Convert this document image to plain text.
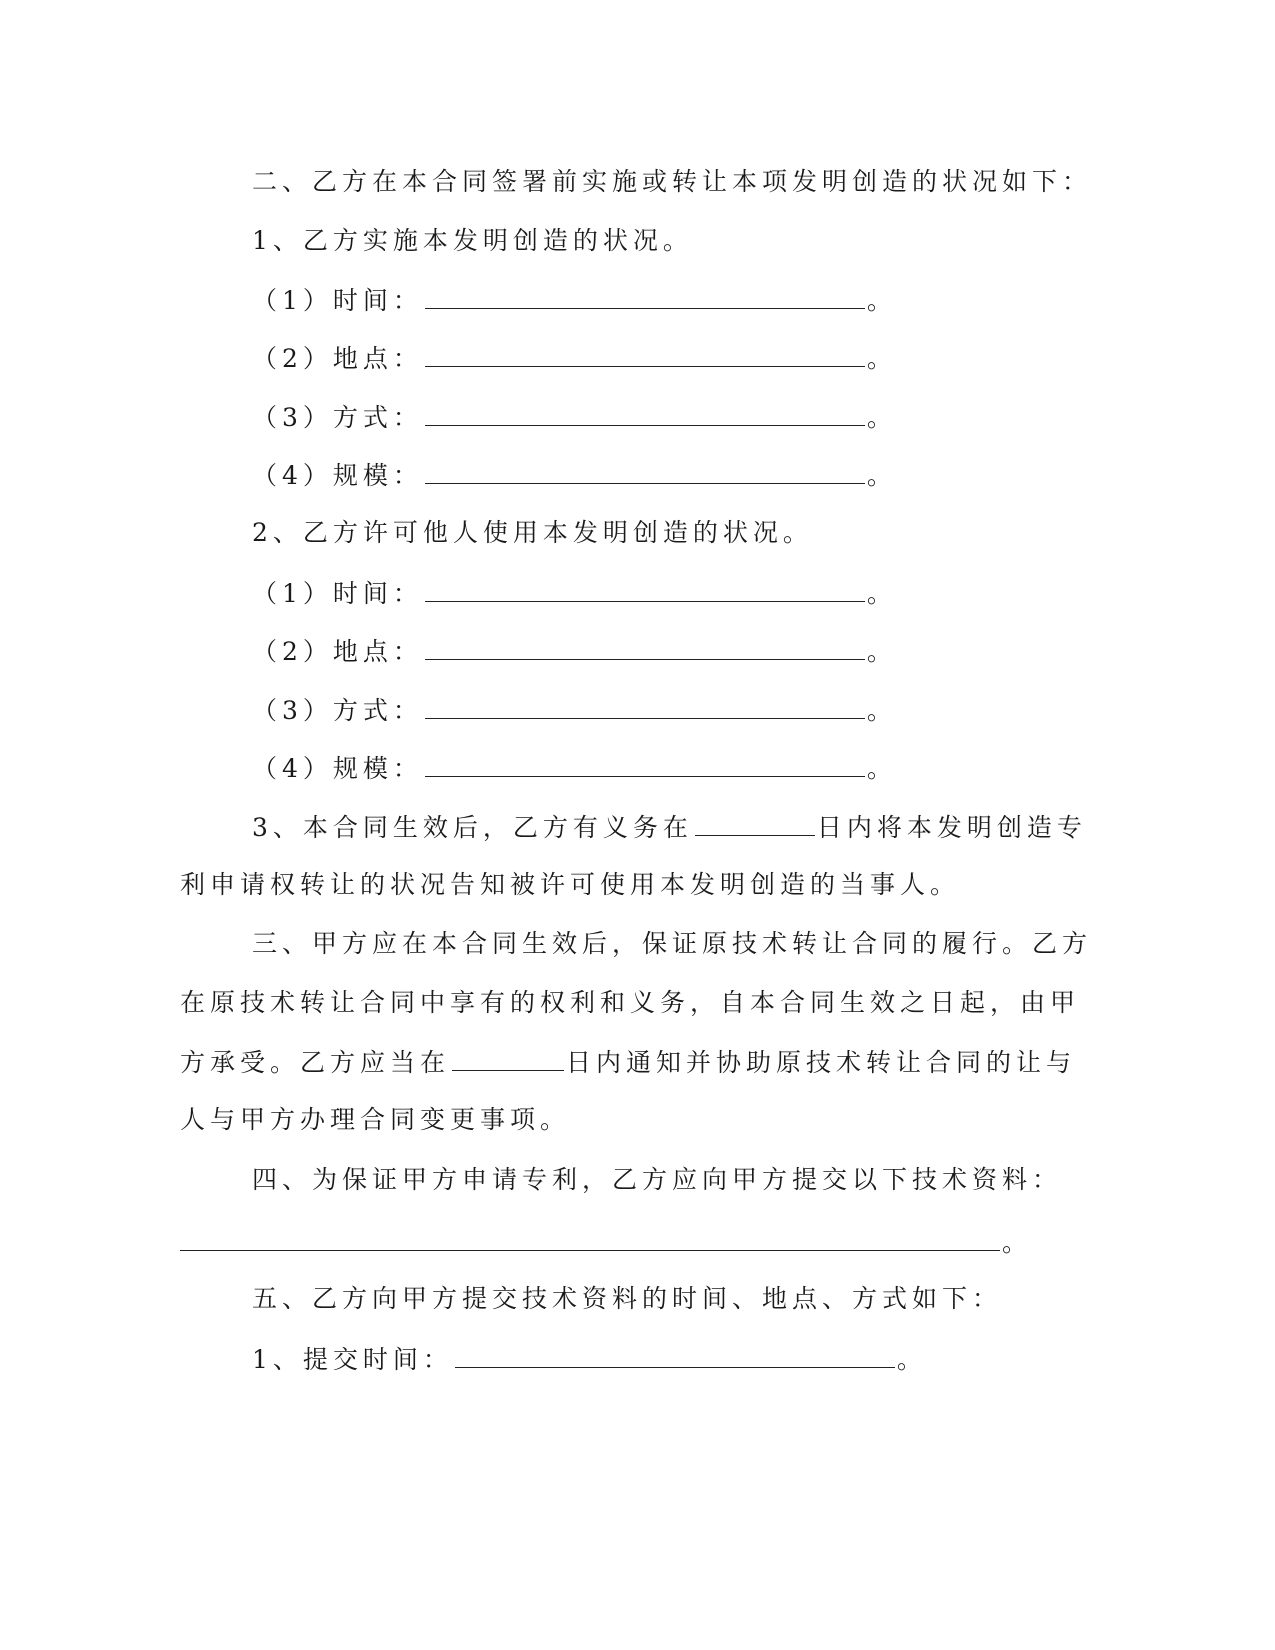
二、乙方在本合同签署前实施或转让本项发明创造的状况如下：
1、乙方实施本发明创造的状况。
（1）时间：	。
（2）地点：	。
（3）方式：	。
（4）规模：	。
2、乙方许可他人使用本发明创造的状况。
（1）时间：	。
（2）地点：	。
（3）方式：	。
（4）规模：	。
3、本合同生效后，乙方有义务在	日内将本发明创造专
利申请权转让的状况告知被许可使用本发明创造的当事人。
三、甲方应在本合同生效后，保证原技术转让合同的履行。乙方
在原技术转让合同中享有的权利和义务，自本合同生效之日起，由甲
方承受。乙方应当在	日内通知并协助原技术转让合同的让与
人与甲方办理合同变更事项。
四、为保证甲方申请专利，乙方应向甲方提交以下技术资料：
。
五、乙方向甲方提交技术资料的时间、地点、方式如下：
1、提交时间：	。
